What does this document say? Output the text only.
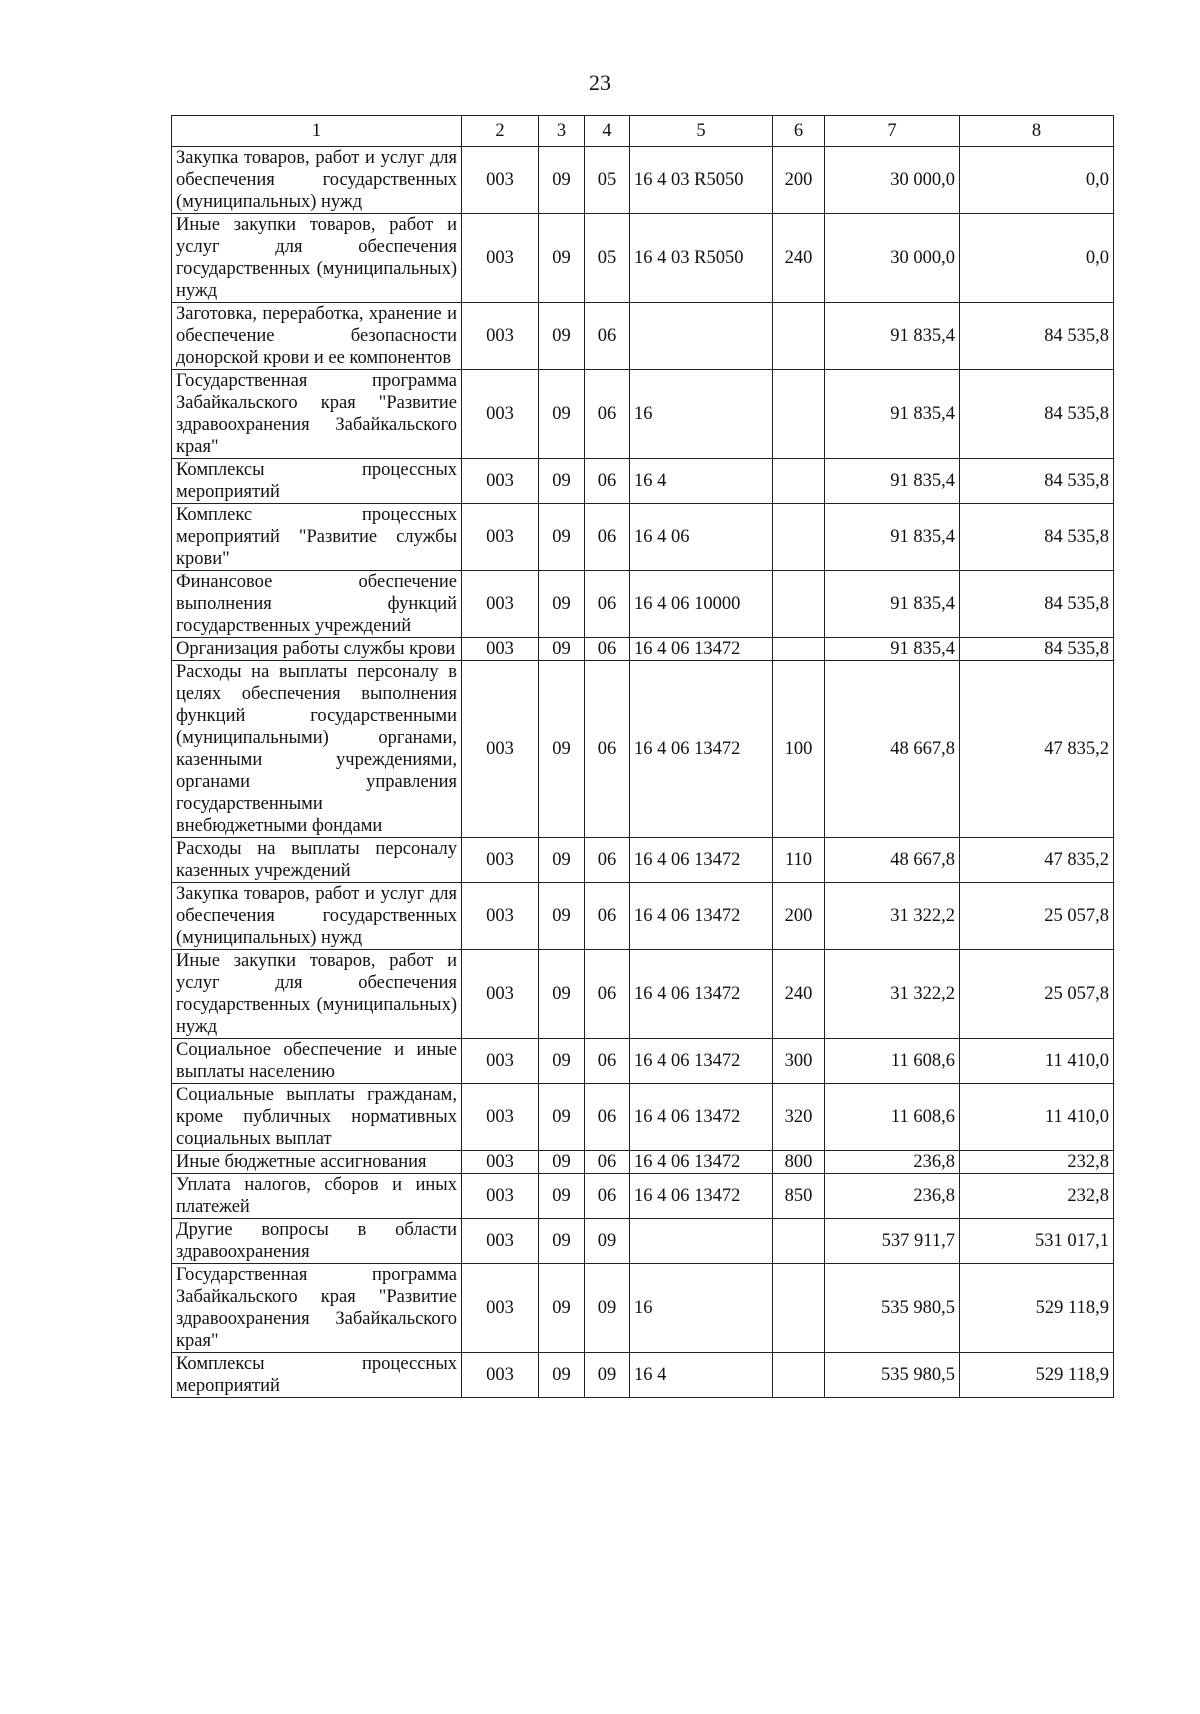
23
1	2	3	4	5	6	7	8
Закупка товаров, работ и услуг для обеспечения государственных (муниципальных) нужд	003	09	05	16 4 03 R5050	200	30 000,0	0,0
Иные закупки товаров, работ и услуг для обеспечения государственных (муниципальных) нужд	003	09	05	16 4 03 R5050	240	30 000,0	0,0
Заготовка, переработка, хранение и обеспечение безопасности донорской крови и ее компонентов	003	09	06			91 835,4	84 535,8
Государственная программа Забайкальского края "Развитие здравоохранения Забайкальского края"	003	09	06	16		91 835,4	84 535,8
Комплексы процессных мероприятий	003	09	06	16 4		91 835,4	84 535,8
Комплекс процессных мероприятий "Развитие службы крови"	003	09	06	16 4 06		91 835,4	84 535,8
Финансовое обеспечение выполнения функций государственных учреждений	003	09	06	16 4 06 10000		91 835,4	84 535,8
Организация работы службы крови	003	09	06	16 4 06 13472		91 835,4	84 535,8
Расходы на выплаты персоналу в целях обеспечения выполнения функций государственными (муниципальными) органами, казенными учреждениями, органами управления государственными внебюджетными фондами	003	09	06	16 4 06 13472	100	48 667,8	47 835,2
Расходы на выплаты персоналу казенных учреждений	003	09	06	16 4 06 13472	110	48 667,8	47 835,2
Закупка товаров, работ и услуг для обеспечения государственных (муниципальных) нужд	003	09	06	16 4 06 13472	200	31 322,2	25 057,8
Иные закупки товаров, работ и услуг для обеспечения государственных (муниципальных) нужд	003	09	06	16 4 06 13472	240	31 322,2	25 057,8
Социальное обеспечение и иные выплаты населению	003	09	06	16 4 06 13472	300	11 608,6	11 410,0
Социальные выплаты гражданам, кроме публичных нормативных социальных выплат	003	09	06	16 4 06 13472	320	11 608,6	11 410,0
Иные бюджетные ассигнования	003	09	06	16 4 06 13472	800	236,8	232,8
Уплата налогов, сборов и иных платежей	003	09	06	16 4 06 13472	850	236,8	232,8
Другие вопросы в области здравоохранения	003	09	09			537 911,7	531 017,1
Государственная программа Забайкальского края "Развитие здравоохранения Забайкальского края"	003	09	09	16		535 980,5	529 118,9
Комплексы процессных мероприятий	003	09	09	16 4		535 980,5	529 118,9
